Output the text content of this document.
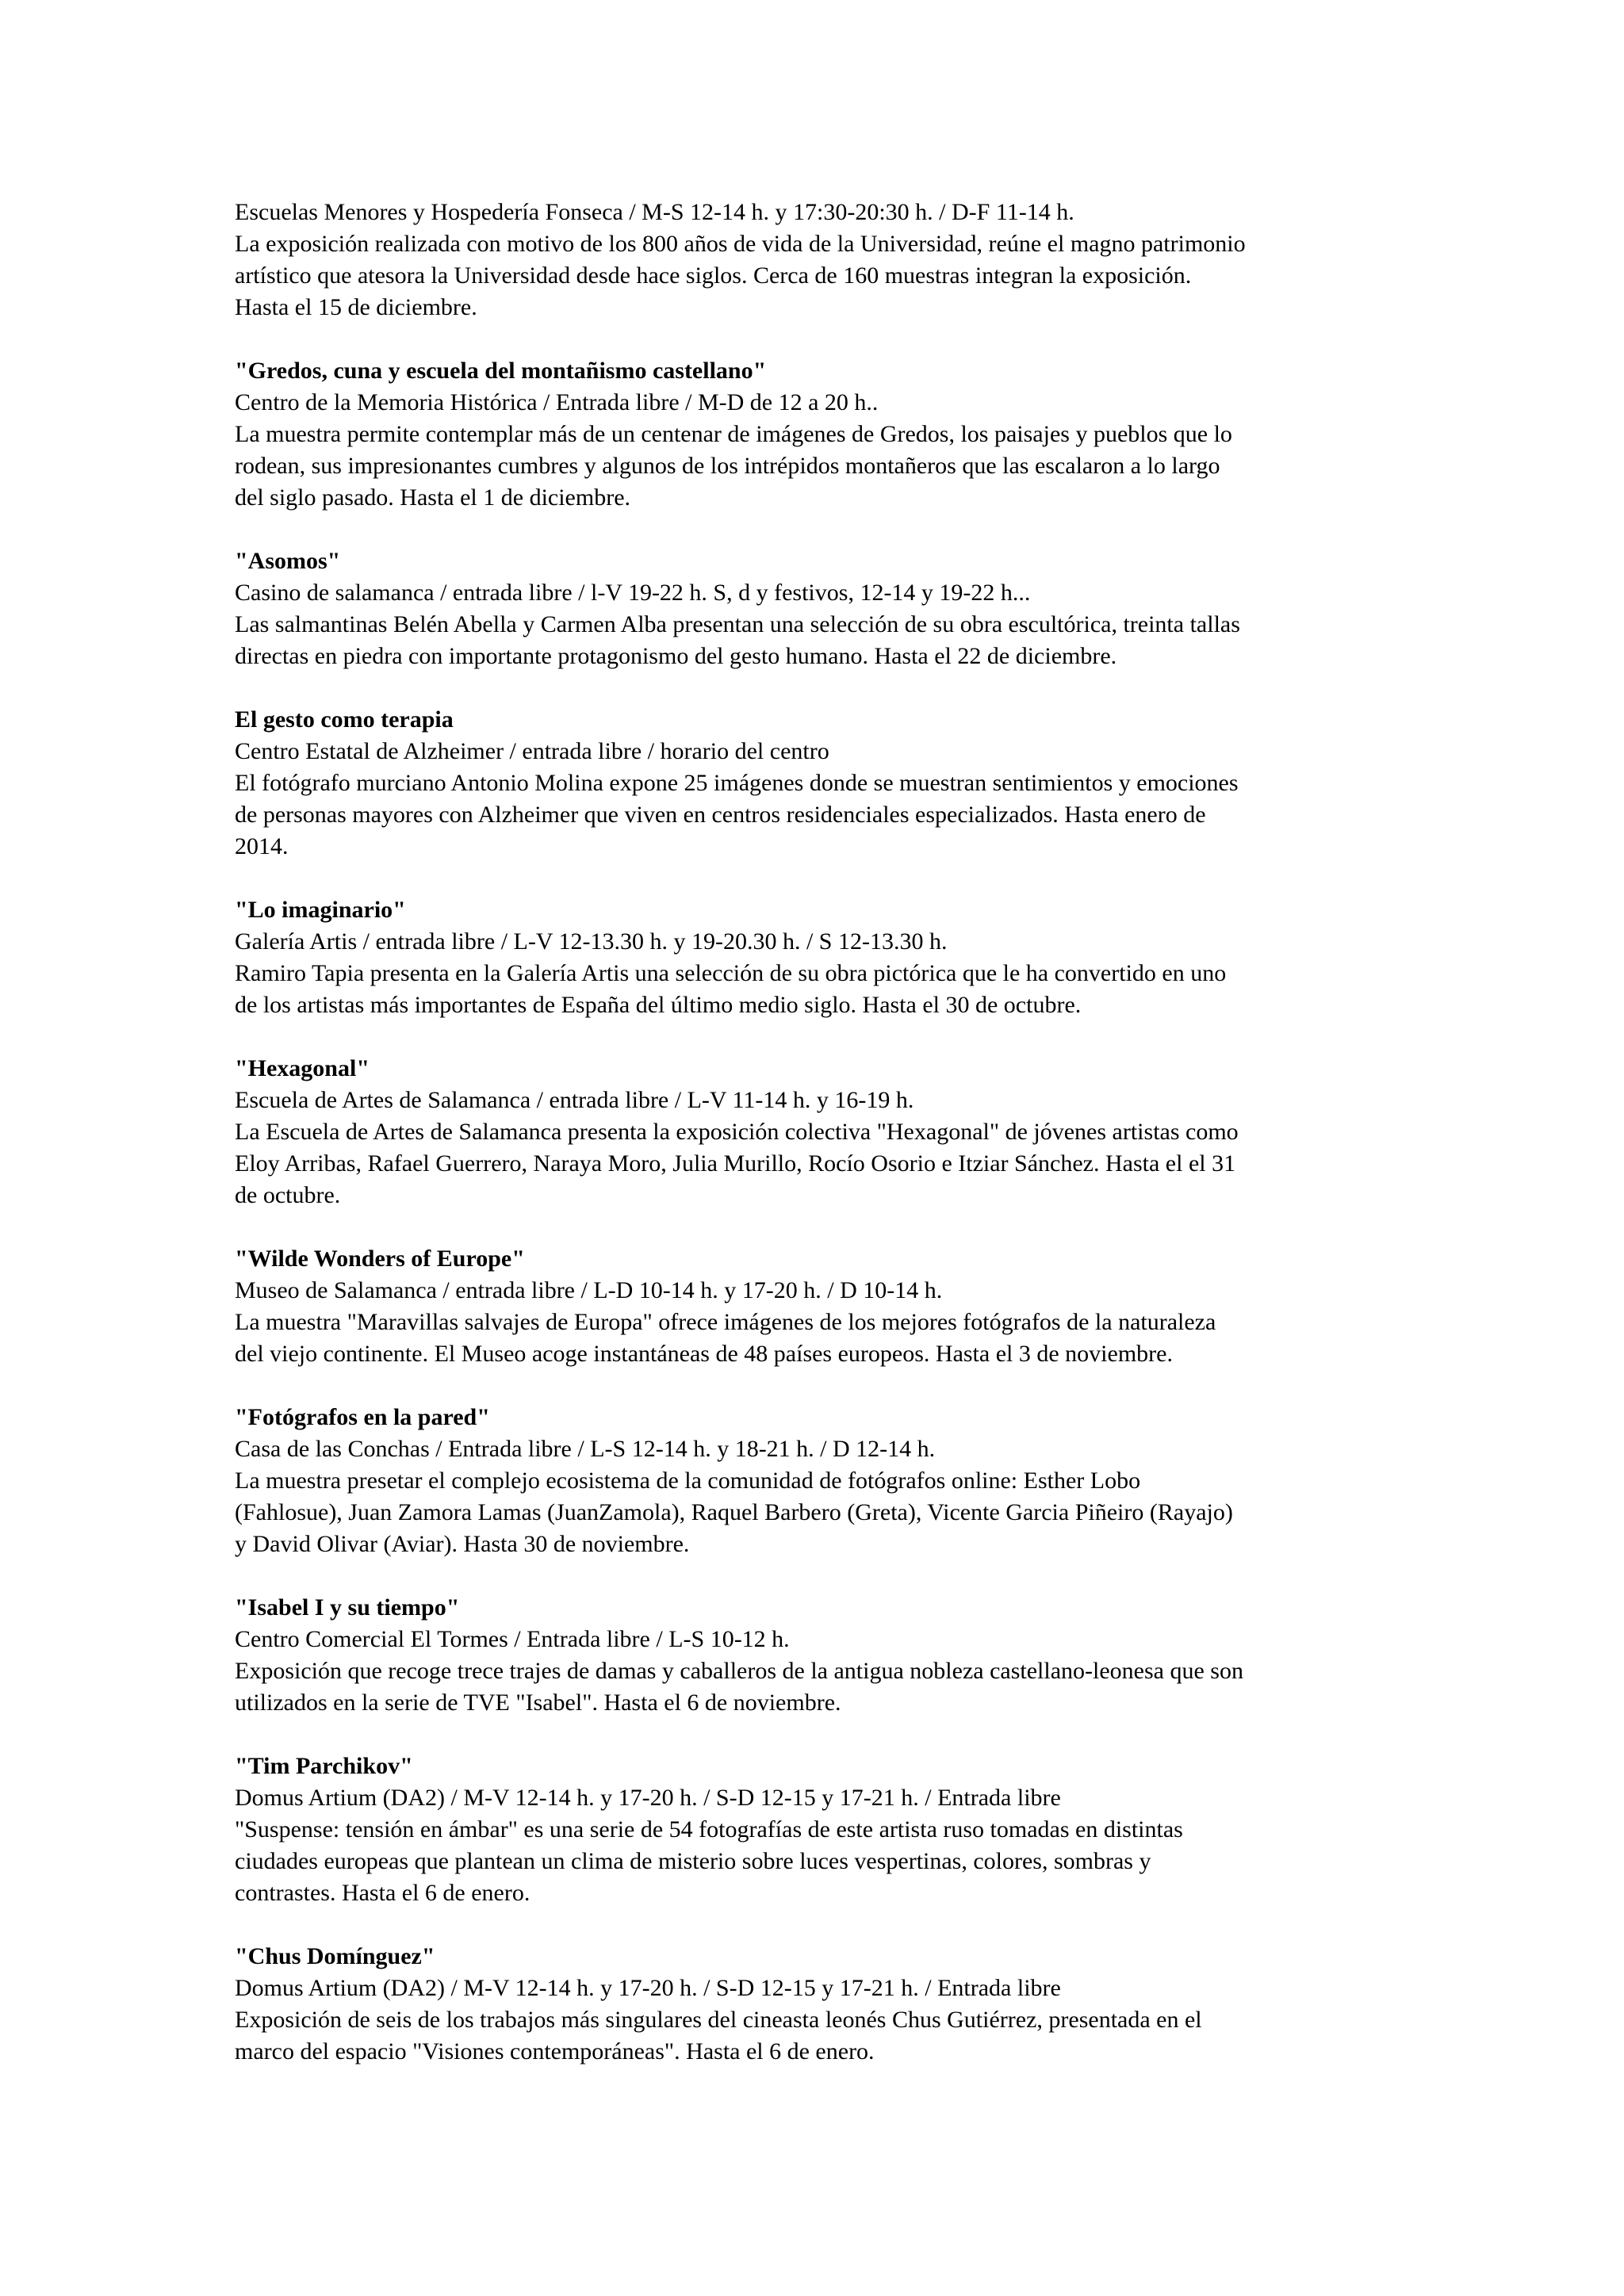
Escuelas Menores y Hospedería Fonseca / M-S 12-14 h. y 17:30-20:30 h. / D-F 11-14 h.
La exposición realizada con motivo de los 800 años de vida de la Universidad, reúne el magno patrimonio
artístico que atesora la Universidad desde hace siglos. Cerca de 160 muestras integran la exposición.
Hasta el 15 de diciembre.
"Gredos, cuna y escuela del montañismo castellano"
Centro de la Memoria Histórica / Entrada libre / M-D de 12 a 20 h..
La muestra permite contemplar más de un centenar de imágenes de Gredos, los paisajes y pueblos que lo
rodean, sus impresionantes cumbres y algunos de los intrépidos montañeros que las escalaron a lo largo
del siglo pasado. Hasta el 1 de diciembre.
"Asomos"
Casino de salamanca / entrada libre / l-V 19-22 h. S, d y festivos, 12-14 y 19-22 h...
Las salmantinas Belén Abella y Carmen Alba presentan una selección de su obra escultórica, treinta tallas
directas en piedra con importante protagonismo del gesto humano. Hasta el 22 de diciembre.
El gesto como terapia
Centro Estatal de Alzheimer / entrada libre / horario del centro
El fotógrafo murciano Antonio Molina expone 25 imágenes donde se muestran sentimientos y emociones
de personas mayores con Alzheimer que viven en centros residenciales especializados. Hasta enero de
2014.
"Lo imaginario"
Galería Artis / entrada libre / L-V 12-13.30 h. y 19-20.30 h. / S 12-13.30 h.
Ramiro Tapia presenta en la Galería Artis una selección de su obra pictórica que le ha convertido en uno
de los artistas más importantes de España del último medio siglo. Hasta el 30 de octubre.
"Hexagonal"
Escuela de Artes de Salamanca / entrada libre / L-V 11-14 h. y 16-19 h.
La Escuela de Artes de Salamanca presenta la exposición colectiva "Hexagonal" de jóvenes artistas como
Eloy Arribas, Rafael Guerrero, Naraya Moro, Julia Murillo, Rocío Osorio e Itziar Sánchez. Hasta el el 31
de octubre.
"Wilde Wonders of Europe"
Museo de Salamanca / entrada libre / L-D 10-14 h. y 17-20 h. / D 10-14 h.
La muestra "Maravillas salvajes de Europa" ofrece imágenes de los mejores fotógrafos de la naturaleza
del viejo continente. El Museo acoge instantáneas de 48 países europeos. Hasta el 3 de noviembre.
"Fotógrafos en la pared"
Casa de las Conchas / Entrada libre / L-S 12-14 h. y 18-21 h. / D 12-14 h.
La muestra presetar el complejo ecosistema de la comunidad de fotógrafos online: Esther Lobo
(Fahlosue), Juan Zamora Lamas (JuanZamola), Raquel Barbero (Greta), Vicente Garcia Piñeiro (Rayajo)
y David Olivar (Aviar). Hasta 30 de noviembre.
"Isabel I y su tiempo"
Centro Comercial El Tormes / Entrada libre / L-S 10-12 h.
Exposición que recoge trece trajes de damas y caballeros de la antigua nobleza castellano-leonesa que son
utilizados en la serie de TVE "Isabel". Hasta el 6 de noviembre.
"Tim Parchikov"
Domus Artium (DA2) / M-V 12-14 h. y 17-20 h. / S-D 12-15 y 17-21 h. / Entrada libre
"Suspense: tensión en ámbar" es una serie de 54 fotografías de este artista ruso tomadas en distintas
ciudades europeas que plantean un clima de misterio sobre luces vespertinas, colores, sombras y
contrastes. Hasta el 6 de enero.
"Chus Domínguez"
Domus Artium (DA2) / M-V 12-14 h. y 17-20 h. / S-D 12-15 y 17-21 h. / Entrada libre
Exposición de seis de los trabajos más singulares del cineasta leonés Chus Gutiérrez, presentada en el
marco del espacio "Visiones contemporáneas". Hasta el 6 de enero.
